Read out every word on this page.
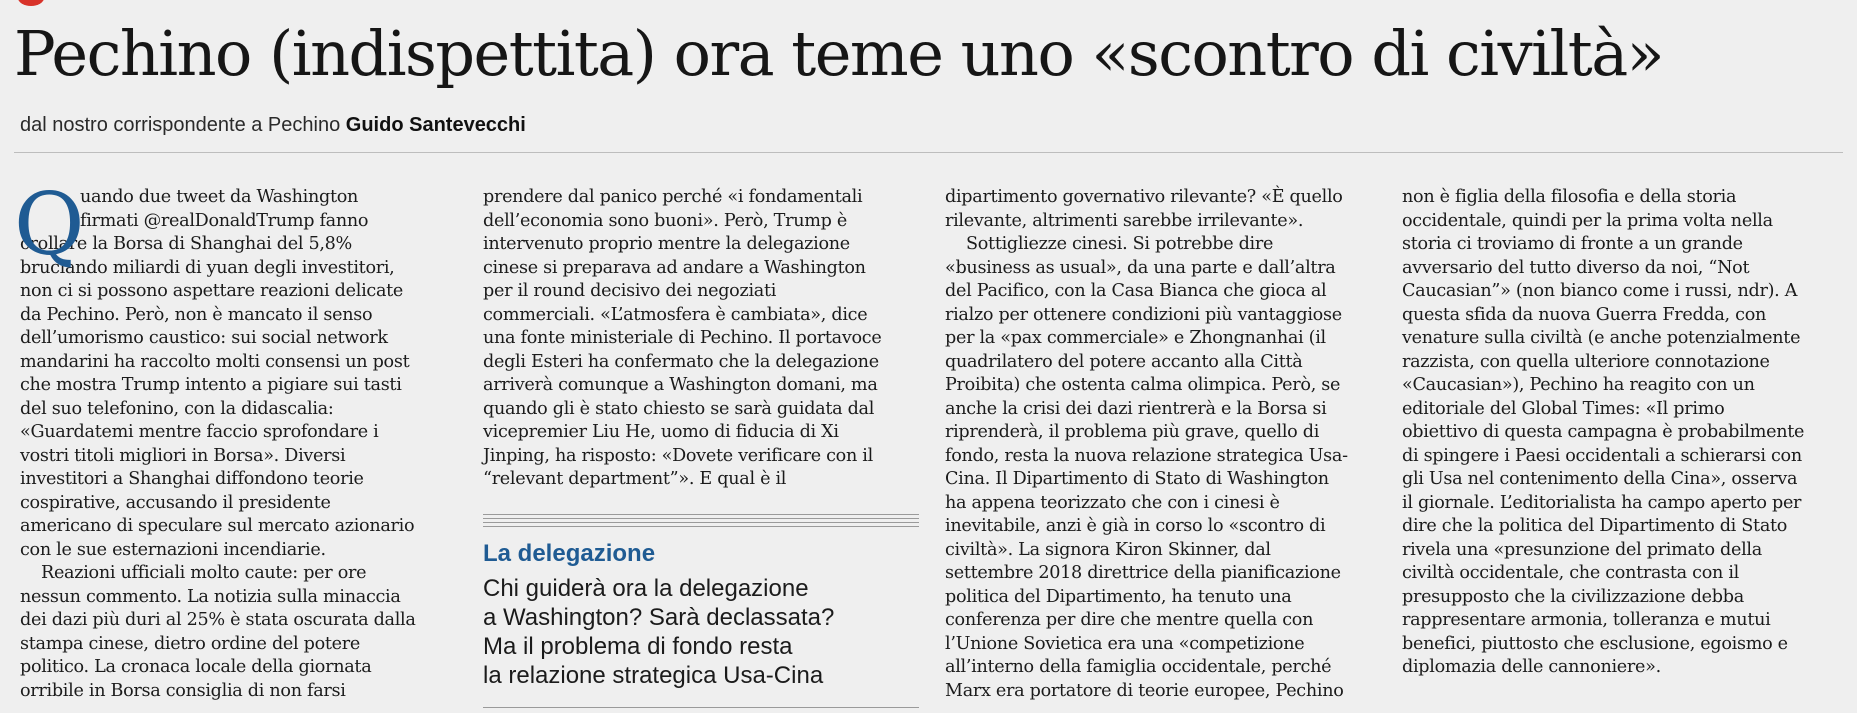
Pechino (indispettita) ora teme uno «scontro di civiltà»
dal nostro corrispondente a Pechino Guido Santevecchi
Q
uando due tweet da Washington
firmati @realDonaldTrump fanno
crollare la Borsa di Shanghai del 5,8%
bruciando miliardi di yuan degli investitori,
non ci si possono aspettare reazioni delicate
da Pechino. Però, non è mancato il senso
dell’umorismo caustico: sui social network
mandarini ha raccolto molti consensi un post
che mostra Trump intento a pigiare sui tasti
del suo telefonino, con la didascalia:
«Guardatemi mentre faccio sprofondare i
vostri titoli migliori in Borsa». Diversi
investitori a Shanghai diffondono teorie
cospirative, accusando il presidente
americano di speculare sul mercato azionario
con le sue esternazioni incendiarie.
Reazioni ufficiali molto caute: per ore
nessun commento. La notizia sulla minaccia
dei dazi più duri al 25% è stata oscurata dalla
stampa cinese, dietro ordine del potere
politico. La cronaca locale della giornata
orribile in Borsa consiglia di non farsi
prendere dal panico perché «i fondamentali
dell’economia sono buoni». Però, Trump è
intervenuto proprio mentre la delegazione
cinese si preparava ad andare a Washington
per il round decisivo dei negoziati
commerciali. «L’atmosfera è cambiata», dice
una fonte ministeriale di Pechino. Il portavoce
degli Esteri ha confermato che la delegazione
arriverà comunque a Washington domani, ma
quando gli è stato chiesto se sarà guidata dal
vicepremier Liu He, uomo di fiducia di Xi
Jinping, ha risposto: «Dovete verificare con il
“relevant department”». E qual è il
La delegazione
Chi guiderà ora la delegazione
a Washington? Sarà declassata?
Ma il problema di fondo resta
la relazione strategica Usa-Cina
dipartimento governativo rilevante? «È quello
rilevante, altrimenti sarebbe irrilevante».
Sottigliezze cinesi. Si potrebbe dire
«business as usual», da una parte e dall’altra
del Pacifico, con la Casa Bianca che gioca al
rialzo per ottenere condizioni più vantaggiose
per la «pax commerciale» e Zhongnanhai (il
quadrilatero del potere accanto alla Città
Proibita) che ostenta calma olimpica. Però, se
anche la crisi dei dazi rientrerà e la Borsa si
riprenderà, il problema più grave, quello di
fondo, resta la nuova relazione strategica Usa-
Cina. Il Dipartimento di Stato di Washington
ha appena teorizzato che con i cinesi è
inevitabile, anzi è già in corso lo «scontro di
civiltà». La signora Kiron Skinner, dal
settembre 2018 direttrice della pianificazione
politica del Dipartimento, ha tenuto una
conferenza per dire che mentre quella con
l’Unione Sovietica era una «competizione
all’interno della famiglia occidentale, perché
Marx era portatore di teorie europee, Pechino
non è figlia della filosofia e della storia
occidentale, quindi per la prima volta nella
storia ci troviamo di fronte a un grande
avversario del tutto diverso da noi, “Not
Caucasian”» (non bianco come i russi, ndr). A
questa sfida da nuova Guerra Fredda, con
venature sulla civiltà (e anche potenzialmente
razzista, con quella ulteriore connotazione
«Caucasian»), Pechino ha reagito con un
editoriale del Global Times: «Il primo
obiettivo di questa campagna è probabilmente
di spingere i Paesi occidentali a schierarsi con
gli Usa nel contenimento della Cina», osserva
il giornale. L’editorialista ha campo aperto per
dire che la politica del Dipartimento di Stato
rivela una «presunzione del primato della
civiltà occidentale, che contrasta con il
presupposto che la civilizzazione debba
rappresentare armonia, tolleranza e mutui
benefici, piuttosto che esclusione, egoismo e
diplomazia delle cannoniere».
